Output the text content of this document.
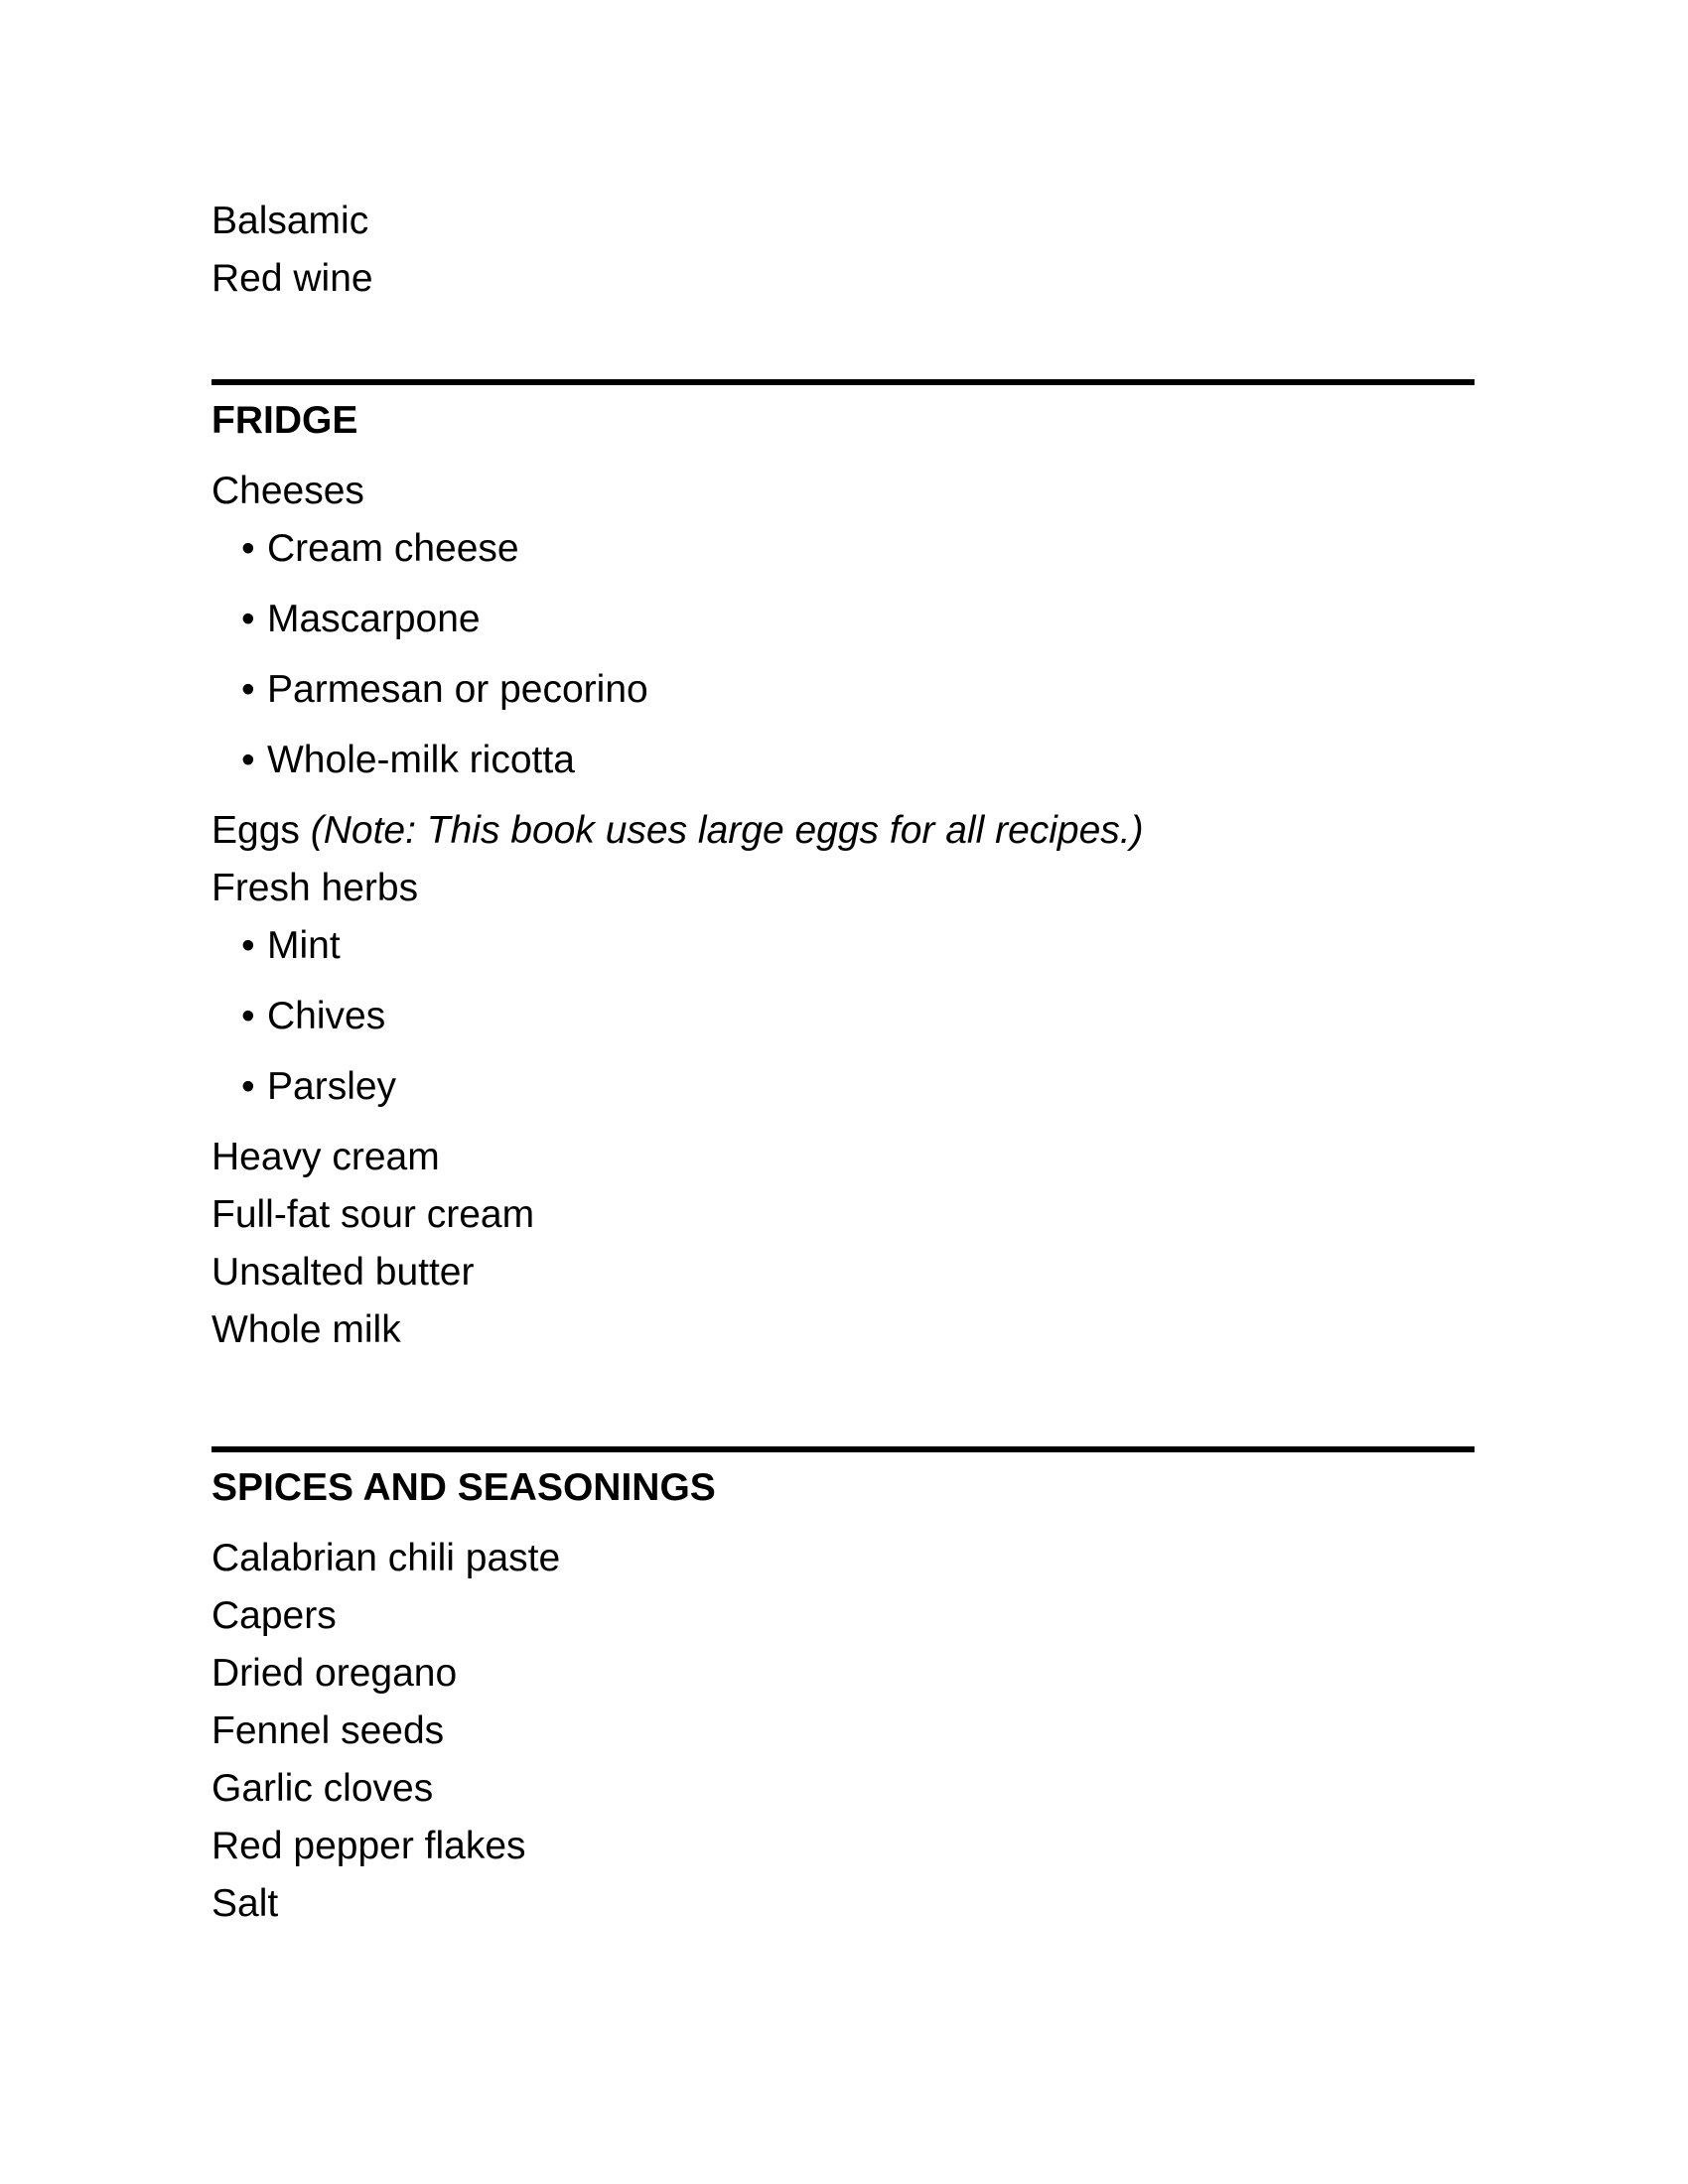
Balsamic
Red wine
FRIDGE
Cheeses
• Cream cheese
• Mascarpone
• Parmesan or pecorino
• Whole-milk ricotta
Eggs (Note: This book uses large eggs for all recipes.)
Fresh herbs
• Mint
• Chives
• Parsley
Heavy cream
Full-fat sour cream
Unsalted butter
Whole milk
SPICES AND SEASONINGS
Calabrian chili paste
Capers
Dried oregano
Fennel seeds
Garlic cloves
Red pepper flakes
Salt
